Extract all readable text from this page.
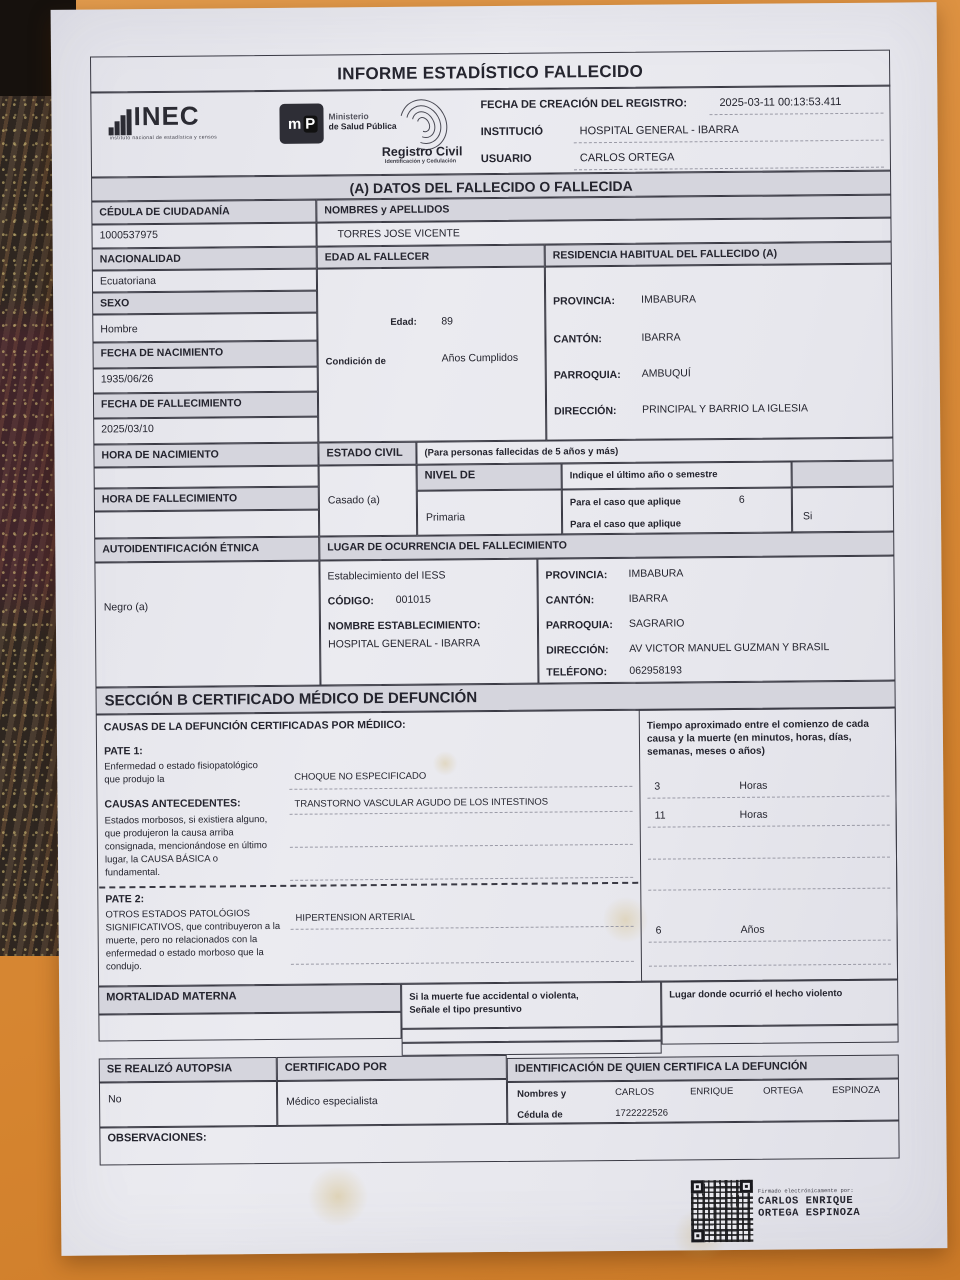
INFORME ESTADÍSTICO FALLECIDO
INEC
instituto nacional de estadística y censos
m P Ministerio
de Salud Pública
Registro Civil
Identificación y Cedulación
FECHA DE CREACIÓN DEL REGISTRO:	2025-03-11 00:13:53.411
INSTITUCIÓ	HOSPITAL GENERAL - IBARRA
USUARIO	CARLOS ORTEGA
(A) DATOS DEL FALLECIDO O FALLECIDA
CÉDULA DE CIUDADANÍA	NOMBRES y APELLIDOS
1000537975	TORRES JOSE VICENTE
NACIONALIDAD	EDAD AL FALLECER	RESIDENCIA HABITUAL DEL FALLECIDO (A)
Ecuatoriana
SEXO
Hombre
FECHA DE NACIMIENTO
1935/06/26
FECHA DE FALLECIMIENTO
2025/03/10
Edad: 89
Condición de	Años Cumplidos
PROVINCIA: IMBABURA
CANTÓN:	IBARRA
PARROQUIA: AMBUQUÍ
DIRECCIÓN: PRINCIPAL Y BARRIO LA IGLESIA
HORA DE NACIMIENTO
HORA DE FALLECIMIENTO
ESTADO CIVIL	(Para personas fallecidas de 5 años y más)
Casado (a)
NIVEL DE	Indique el último año o semestre
Primaria
Para el caso que aplique	6
Para el caso que aplique
Si
AUTOIDENTIFICACIÓN ÉTNICA
Negro (a)
LUGAR DE OCURRENCIA DEL FALLECIMIENTO
Establecimiento del IESS
CÓDIGO: 001015
NOMBRE ESTABLECIMIENTO:
HOSPITAL GENERAL - IBARRA
PROVINCIA: IMBABURA
CANTÓN:	IBARRA
PARROQUIA: SAGRARIO
DIRECCIÓN: AV VICTOR MANUEL GUZMAN Y BRASIL
TELÉFONO: 062958193
SECCIÓN B CERTIFICADO MÉDICO DE DEFUNCIÓN
CAUSAS DE LA DEFUNCIÓN CERTIFICADAS POR MÉDIICO:	Tiempo aproximado entre el comienzo de cada causa y la muerte (en minutos, horas, días, semanas, meses o años)
PATE 1:
Enfermedad o estado fisiopatológico
que produjo la	CHOQUE NO ESPECIFICADO
3	Horas
CAUSAS ANTECEDENTES:
Estados morbosos, si existiera alguno,
que produjeron la causa arriba
consignada, mencionándose en último
lugar, la CAUSA BÁSICA o
fundamental.
TRANSTORNO VASCULAR AGUDO DE LOS INTESTINOS
11	Horas
PATE 2:
OTROS ESTADOS PATOLÓGIOS
SIGNIFICATIVOS, que contribuyeron a la
muerte, pero no relacionados con la
enfermedad o estado morboso que la
condujo.
HIPERTENSION ARTERIAL
6	Años
MORTALIDAD MATERNA	Si la muerte fue accidental o violenta,
Señale el tipo presuntivo
Lugar donde ocurrió el hecho violento
SE REALIZÓ AUTOPSIA
No
CERTIFICADO POR
Médico especialista
IDENTIFICACIÓN DE QUIEN CERTIFICA LA DEFUNCIÓN
Nombres y	CARLOS	ENRIQUE	ORTEGA	ESPINOZA
Cédula de	1722222526
OBSERVACIONES:
Firmado electrónicamente por:
CARLOS ENRIQUE
ORTEGA ESPINOZA
